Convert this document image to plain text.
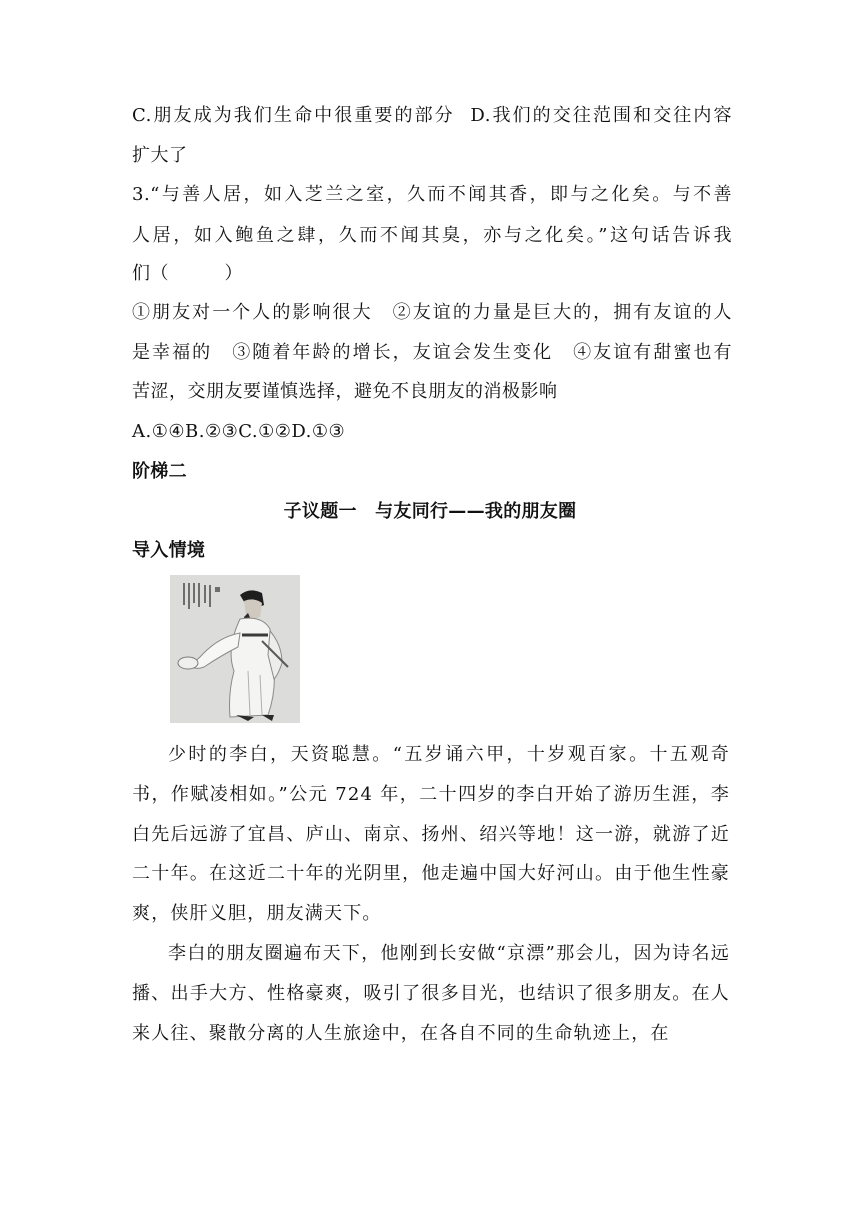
C.朋友成为我们生命中很重要的部分 D.我们的交往范围和交往内容
扩大了
3.“与善人居，如入芝兰之室，久而不闻其香，即与之化矣。与不善
人居，如入鲍鱼之肆，久而不闻其臭，亦与之化矣。”这句话告诉我
们（　　　）
①朋友对一个人的影响很大　②友谊的力量是巨大的，拥有友谊的人
是幸福的　③随着年龄的增长，友谊会发生变化　④友谊有甜蜜也有
苦涩，交朋友要谨慎选择，避免不良朋友的消极影响
A.①④B.②③C.①②D.①③
阶梯二
子议题一　与友同行——我的朋友圈
导入情境

少时的李白，天资聪慧。“五岁诵六甲，十岁观百家。十五观奇书，作赋凌相如。”公元 724 年，二十四岁的李白开始了游历生涯，李白先后远游了宜昌、庐山、南京、扬州、绍兴等地！这一游，就游了近二十年。在这近二十年的光阴里，他走遍中国大好河山。由于他生性豪爽，侠肝义胆，朋友满天下。

李白的朋友圈遍布天下，他刚到长安做“京漂”那会儿，因为诗名远播、出手大方、性格豪爽，吸引了很多目光，也结识了很多朋友。在人来人往、聚散分离的人生旅途中，在各自不同的生命轨迹上，在
